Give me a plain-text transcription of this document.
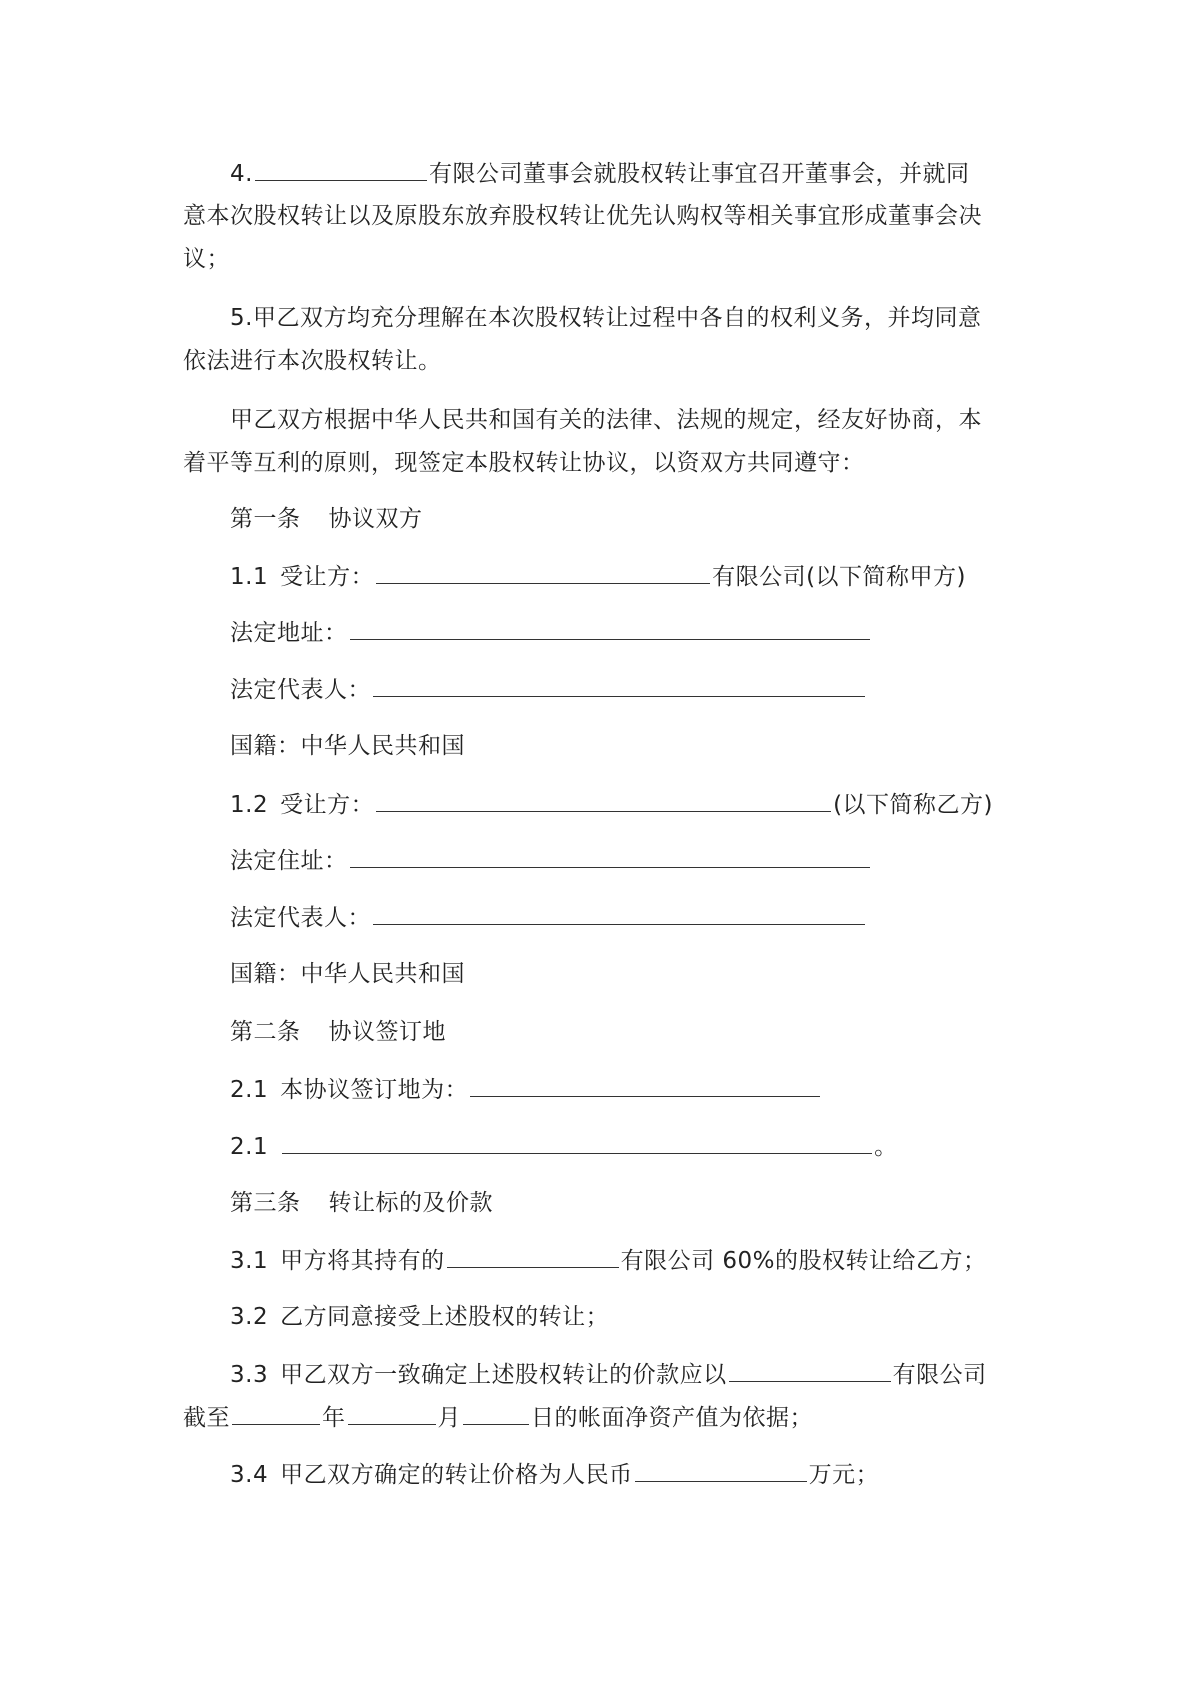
4.	有限公司董事会就股权转让事宜召开董事会，并就同
意本次股权转让以及原股东放弃股权转让优先认购权等相关事宜形成董事会决
议；
5.甲乙双方均充分理解在本次股权转让过程中各自的权利义务，并均同意
依法进行本次股权转让。
甲乙双方根据中华人民共和国有关的法律、法规的规定，经友好协商，本
着平等互利的原则，现签定本股权转让协议，以资双方共同遵守：
第一条 协议双方
1.1 受让方：	有限公司(以下简称甲方)
法定地址：
法定代表人：
国籍：中华人民共和国
1.2 受让方：	(以下简称乙方)
法定住址：
法定代表人：
国籍：中华人民共和国
第二条 协议签订地
2.1 本协议签订地为：
2.1	。
第三条 转让标的及价款
3.1 甲方将其持有的	有限公司 60%的股权转让给乙方；
3.2 乙方同意接受上述股权的转让；
3.3 甲乙双方一致确定上述股权转让的价款应以	有限公司
截至	年	月	日的帐面净资产值为依据；
3.4 甲乙双方确定的转让价格为人民币	万元；
